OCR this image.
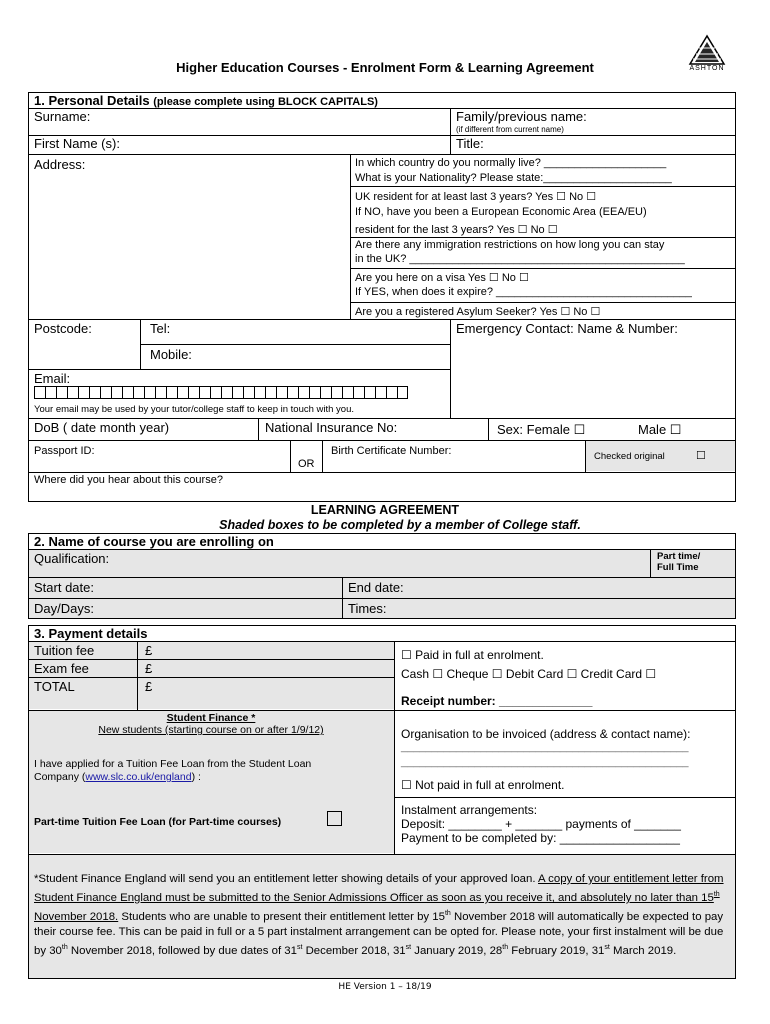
Higher Education Courses - Enrolment Form & Learning Agreement	ASHTON
1. Personal Details (please complete using BLOCK CAPITALS)
Surname:	Family/previous name:
(if different from current name)
First Name (s):	Title:
Address:	In which country do you normally live? ____________________
What is your Nationality? Please state:_____________________
UK resident for at least last 3 years? Yes ☐ No ☐
If NO, have you been a European Economic Area (EEA/EU)
resident for the last 3 years? Yes ☐ No ☐
Are there any immigration restrictions on how long you can stay
in the UK? _____________________________________________
Are you here on a visa Yes ☐ No ☐
If YES, when does it expire? ________________________________
Are you a registered Asylum Seeker? Yes ☐ No ☐
Postcode:	Tel:	Emergency Contact: Name & Number:
Mobile:
Email:
Your email may be used by your tutor/college staff to keep in touch with you.
DoB ( date month year)	National Insurance No:	Sex: Female ☐	Male ☐
Passport ID:
OR
Birth Certificate Number:	Checked original	☐
Where did you hear about this course?
LEARNING AGREEMENT
Shaded boxes to be completed by a member of College staff.
2. Name of course you are enrolling on
Qualification:	Part time/
Full Time
Start date:	End date:
Day/Days:	Times:
3. Payment details
Tuition fee	£
Exam fee	£
TOTAL	£
☐ Paid in full at enrolment.
Cash ☐ Cheque ☐ Debit Card ☐ Credit Card ☐
Receipt number: ______________
Student Finance *
New students (starting course on or after 1/9/12)
I have applied for a Tuition Fee Loan from the Student Loan
Company (www.slc.co.uk/england) :
Part-time Tuition Fee Loan (for Part-time courses)
Organisation to be invoiced (address & contact name):
_______________________________________________
_______________________________________________
☐ Not paid in full at enrolment.
Instalment arrangements:
Deposit: ________ + _______ payments of _______
Payment to be completed by: __________________
*Student Finance England will send you an entitlement letter showing details of your approved loan. A copy of your entitlement letter from Student Finance England must be submitted to the Senior Admissions Officer as soon as you receive it, and absolutely no later than 15th November 2018. Students who are unable to present their entitlement letter by 15th November 2018 will automatically be expected to pay their course fee. This can be paid in full or a 5 part instalment arrangement can be opted for. Please note, your first instalment will be due by 30th November 2018, followed by due dates of 31st December 2018, 31st January 2019, 28th February 2019, 31st March 2019.
HE Version 1 – 18/19
